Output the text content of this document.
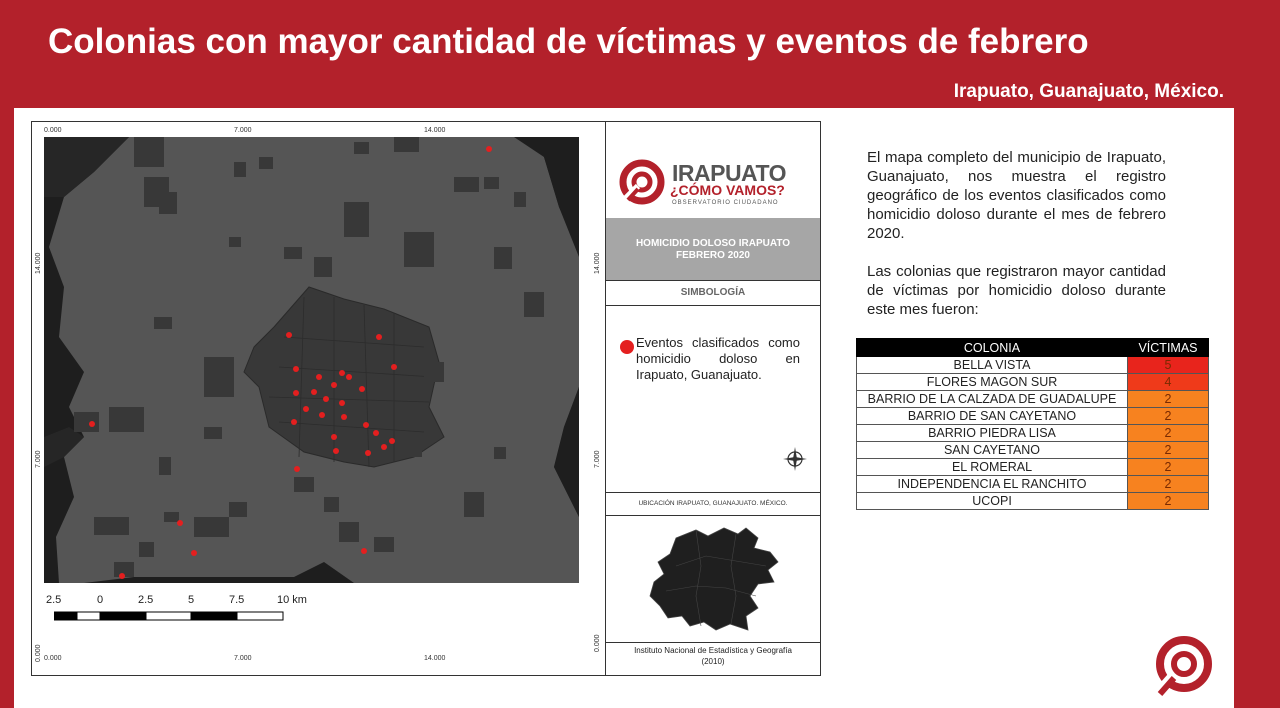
Colonias con mayor cantidad de víctimas y eventos de febrero
Irapuato, Guanajuato, México.
0.000	7.000	14.000
0.000	7.000	14.000
14.000
7.000
0.000
14.000
7.000
0.000
2.5	0	2.5	5	7.5	10 km
IRAPUATO
¿CÓMO VAMOS?
OBSERVATORIO CIUDADANO
HOMICIDIO DOLOSO IRAPUATO
FEBRERO 2020
SIMBOLOGÍA
Eventos clasificados como homicidio doloso en Irapuato, Guanajuato.
UBICACIÓN IRAPUATO, GUANAJUATO. MÉXICO.
Instituto Nacional de Estadística y Geografía
(2010)

El mapa completo del municipio de Irapuato, Guanajuato, nos muestra el registro geográfico de los eventos clasificados como homicidio doloso durante el mes de febrero 2020.

Las colonias que registraron mayor cantidad de víctimas por homicidio doloso durante este mes fueron:

COLONIA	VÍCTIMAS
BELLA VISTA	5
FLORES MAGON SUR	4
BARRIO DE LA CALZADA DE GUADALUPE	2
BARRIO DE SAN CAYETANO	2
BARRIO PIEDRA LISA	2
SAN CAYETANO	2
EL ROMERAL	2
INDEPENDENCIA EL RANCHITO	2
UCOPI	2
